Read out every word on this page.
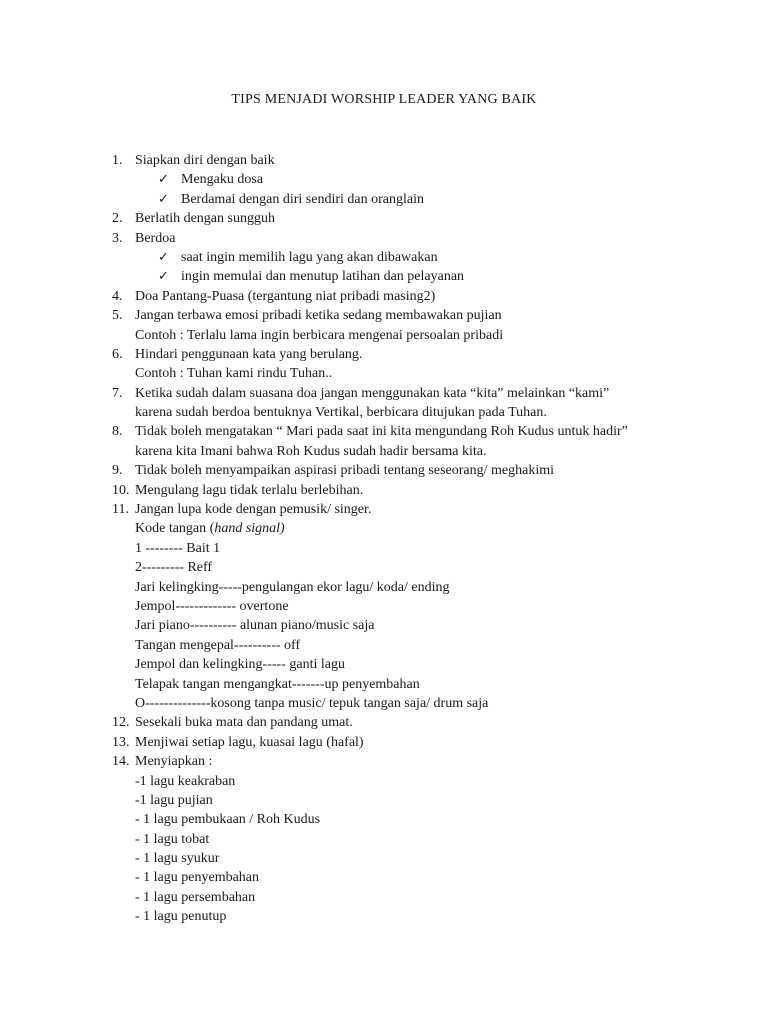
TIPS MENJADI WORSHIP LEADER YANG BAIK
1. Siapkan diri dengan baik
✓ Mengaku dosa
✓ Berdamai dengan diri sendiri dan oranglain
2. Berlatih dengan sungguh
3. Berdoa
✓ saat ingin memilih lagu yang akan dibawakan
✓ ingin memulai dan menutup latihan dan pelayanan
4. Doa Pantang-Puasa (tergantung niat pribadi masing2)
5. Jangan terbawa emosi pribadi ketika sedang membawakan pujian
Contoh : Terlalu lama ingin berbicara mengenai persoalan pribadi
6. Hindari penggunaan kata yang berulang.
Contoh : Tuhan kami rindu Tuhan..
7. Ketika sudah dalam suasana doa jangan menggunakan kata “kita” melainkan “kami”
karena sudah berdoa bentuknya Vertikal, berbicara ditujukan pada Tuhan.
8. Tidak boleh mengatakan “ Mari pada saat ini kita mengundang Roh Kudus untuk hadir”
karena kita Imani bahwa Roh Kudus sudah hadir bersama kita.
9. Tidak boleh menyampaikan aspirasi pribadi tentang seseorang/ meghakimi
10. Mengulang lagu tidak terlalu berlebihan.
11. Jangan lupa kode dengan pemusik/ singer.
Kode tangan (hand signal)
1 -------- Bait 1
2--------- Reff
Jari kelingking-----pengulangan ekor lagu/ koda/ ending
Jempol------------- overtone
Jari piano---------- alunan piano/music saja
Tangan mengepal---------- off
Jempol dan kelingking----- ganti lagu
Telapak tangan mengangkat-------up penyembahan
O--------------kosong tanpa music/ tepuk tangan saja/ drum saja
12. Sesekali buka mata dan pandang umat.
13. Menjiwai setiap lagu, kuasai lagu (hafal)
14. Menyiapkan :
-1 lagu keakraban
-1 lagu pujian
- 1 lagu pembukaan / Roh Kudus
- 1 lagu tobat
- 1 lagu syukur
- 1 lagu penyembahan
- 1 lagu persembahan
- 1 lagu penutup
